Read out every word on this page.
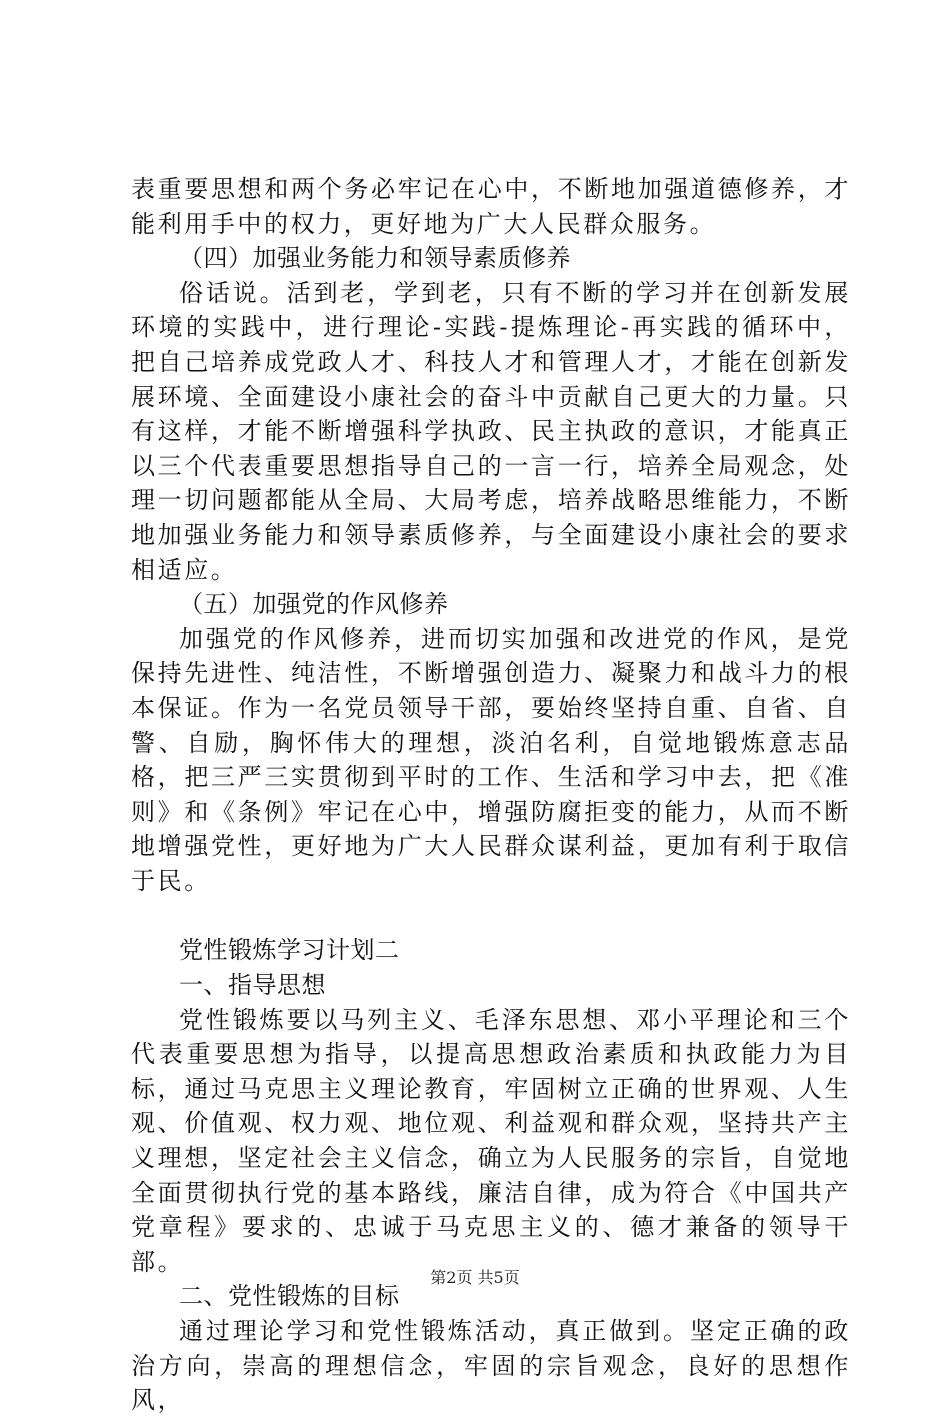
表重要思想和两个务必牢记在心中，不断地加强道德修养，才能利用手中的权力，更好地为广大人民群众服务。

（四）加强业务能力和领导素质修养

俗话说。活到老，学到老，只有不断的学习并在创新发展环境的实践中，进行理论-实践-提炼理论-再实践的循环中，把自己培养成党政人才、科技人才和管理人才，才能在创新发展环境、全面建设小康社会的奋斗中贡献自己更大的力量。只有这样，才能不断增强科学执政、民主执政的意识，才能真正以三个代表重要思想指导自己的一言一行，培养全局观念，处理一切问题都能从全局、大局考虑，培养战略思维能力，不断地加强业务能力和领导素质修养，与全面建设小康社会的要求相适应。

（五）加强党的作风修养

加强党的作风修养，进而切实加强和改进党的作风，是党保持先进性、纯洁性，不断增强创造力、凝聚力和战斗力的根本保证。作为一名党员领导干部，要始终坚持自重、自省、自警、自励，胸怀伟大的理想，淡泊名利，自觉地锻炼意志品格，把三严三实贯彻到平时的工作、生活和学习中去，把《准则》和《条例》牢记在心中，增强防腐拒变的能力，从而不断地增强党性，更好地为广大人民群众谋利益，更加有利于取信于民。

党性锻炼学习计划二

一、指导思想

党性锻炼要以马列主义、毛泽东思想、邓小平理论和三个代表重要思想为指导，以提高思想政治素质和执政能力为目标，通过马克思主义理论教育，牢固树立正确的世界观、人生观、价值观、权力观、地位观、利益观和群众观，坚持共产主义理想，坚定社会主义信念，确立为人民服务的宗旨，自觉地全面贯彻执行党的基本路线，廉洁自律，成为符合《中国共产党章程》要求的、忠诚于马克思主义的、德才兼备的领导干部。

二、党性锻炼的目标

通过理论学习和党性锻炼活动，真正做到。坚定正确的政治方向，崇高的理想信念，牢固的宗旨观念，良好的思想作风，

第2页 共5页
